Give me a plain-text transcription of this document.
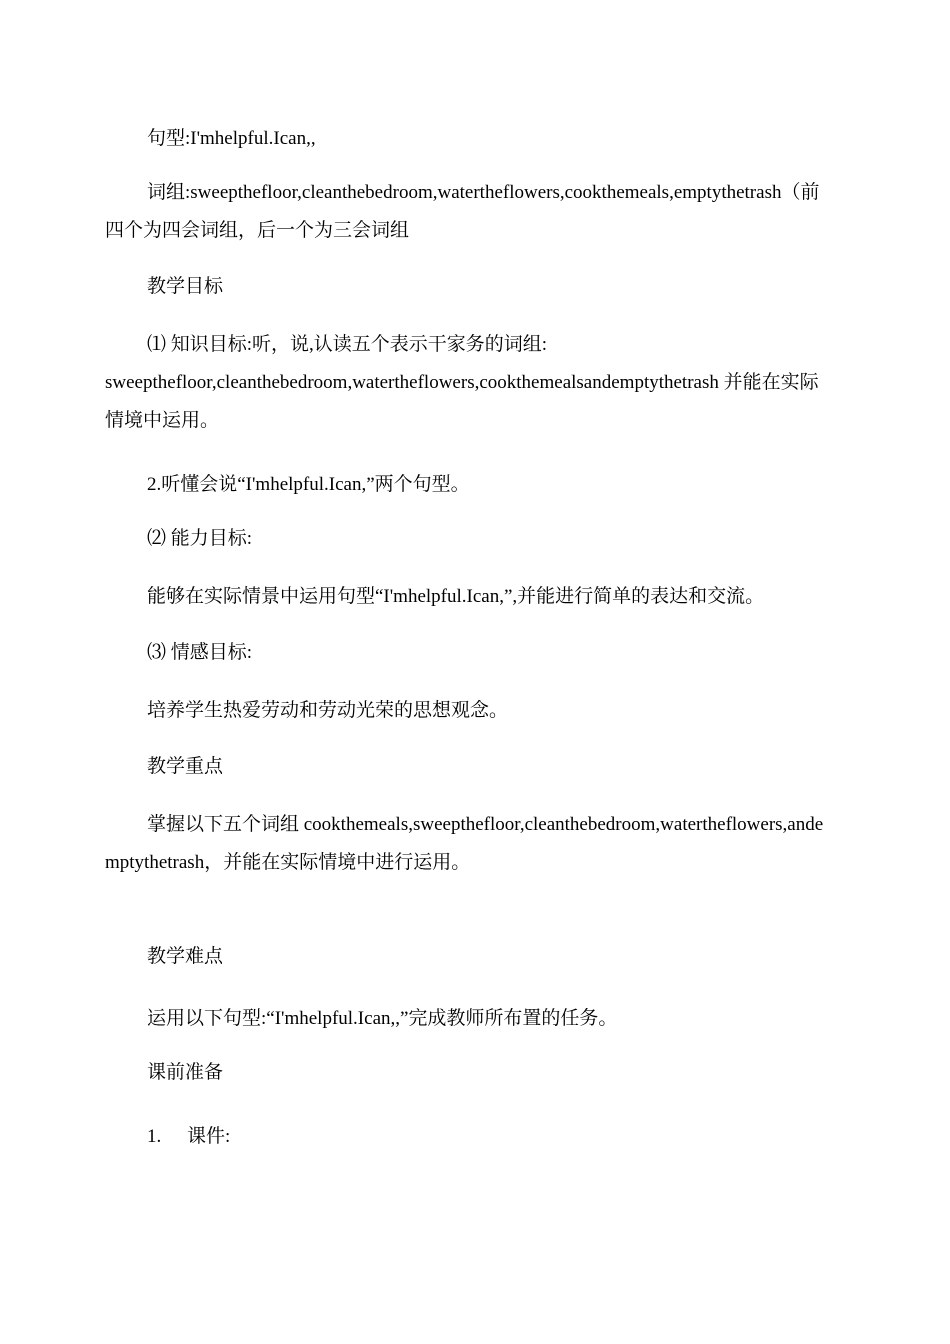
句型:I'mhelpful.Ican,,
词组:sweepthefloor,cleanthebedroom,watertheflowers,cookthemeals,emptythetrash（前四个为四会词组，后一个为三会词组
教学目标
⑴ 知识目标:听，说,认读五个表示干家务的词组:
sweepthefloor,cleanthebedroom,watertheflowers,cookthemealsandemptythetrash 并能在实际情境中运用。
2.听懂会说“I'mhelpful.Ican,”两个句型。
⑵ 能力目标:
能够在实际情景中运用句型“I'mhelpful.Ican,”,并能进行简单的表达和交流。
⑶ 情感目标:
培养学生热爱劳动和劳动光荣的思想观念。
教学重点
掌握以下五个词组 cookthemeals,sweepthefloor,cleanthebedroom,watertheflowers,andemptythetrash，并能在实际情境中进行运用。
教学难点
运用以下句型:“I'mhelpful.Ican,,”完成教师所布置的任务。
课前准备
1. 课件:
